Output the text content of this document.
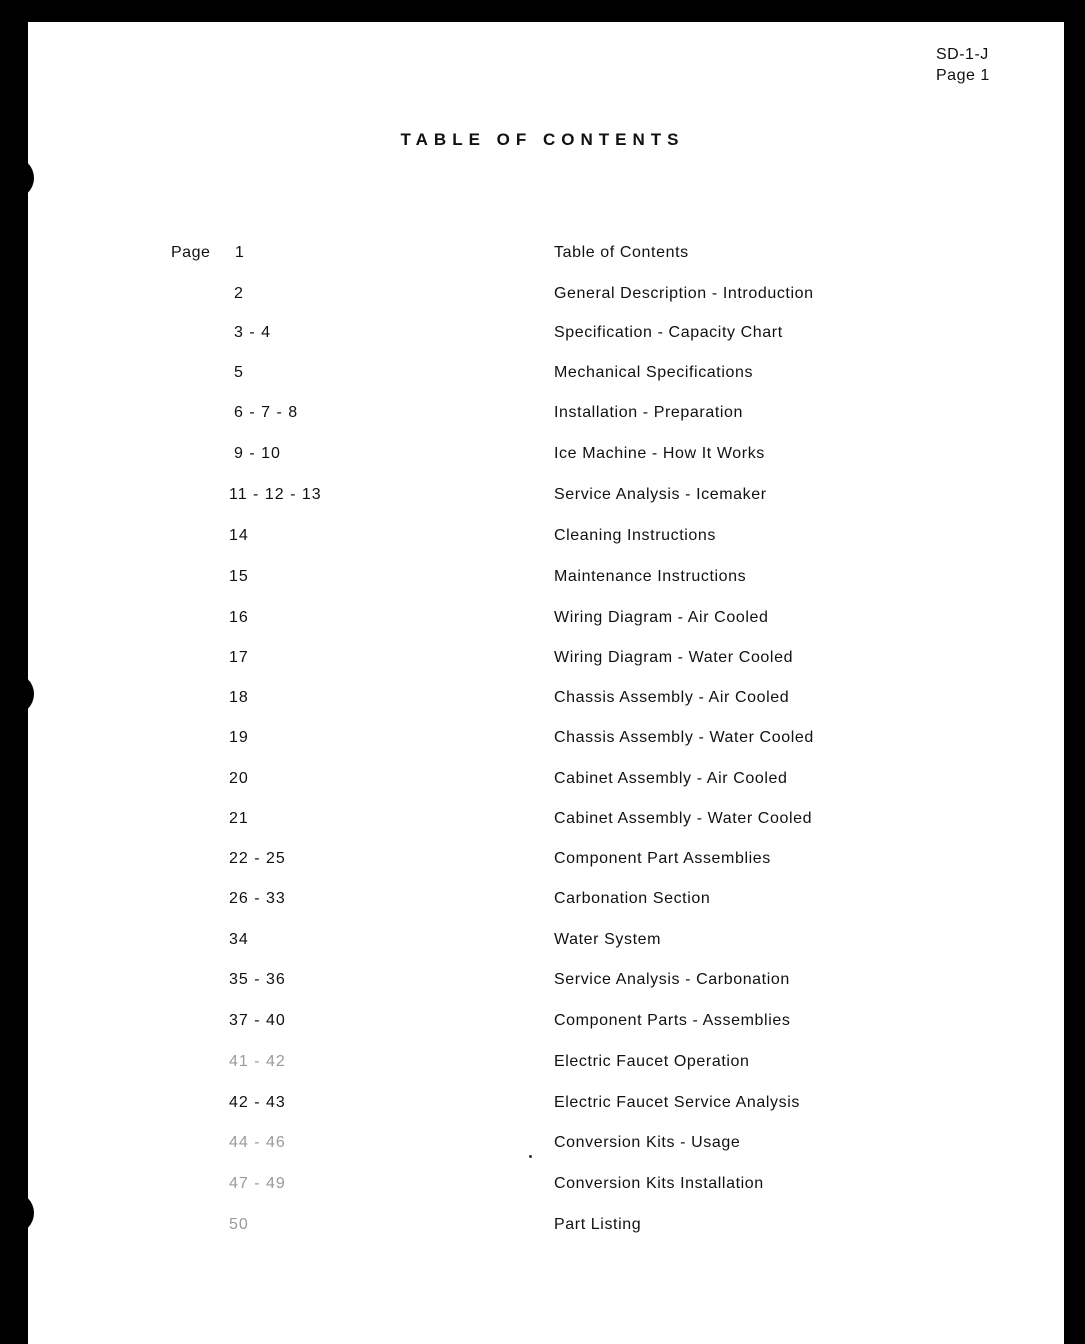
SD-1-J
Page 1
TABLE OF CONTENTS
Page 1	Table of Contents
2	General Description - Introduction
3 - 4	Specification - Capacity Chart
5	Mechanical Specifications
6 - 7 - 8	Installation - Preparation
9 - 10	Ice Machine - How It Works
11 - 12 - 13	Service Analysis - Icemaker
14	Cleaning Instructions
15	Maintenance Instructions
16	Wiring Diagram - Air Cooled
17	Wiring Diagram - Water Cooled
18	Chassis Assembly - Air Cooled
19	Chassis Assembly - Water Cooled
20	Cabinet Assembly - Air Cooled
21	Cabinet Assembly - Water Cooled
22 - 25	Component Part Assemblies
26 - 33	Carbonation Section
34	Water System
35 - 36	Service Analysis - Carbonation
37 - 40	Component Parts - Assemblies
41 - 42	Electric Faucet Operation
42 - 43	Electric Faucet Service Analysis
44 - 46	Conversion Kits - Usage
47 - 49	Conversion Kits Installation
50	Part Listing
